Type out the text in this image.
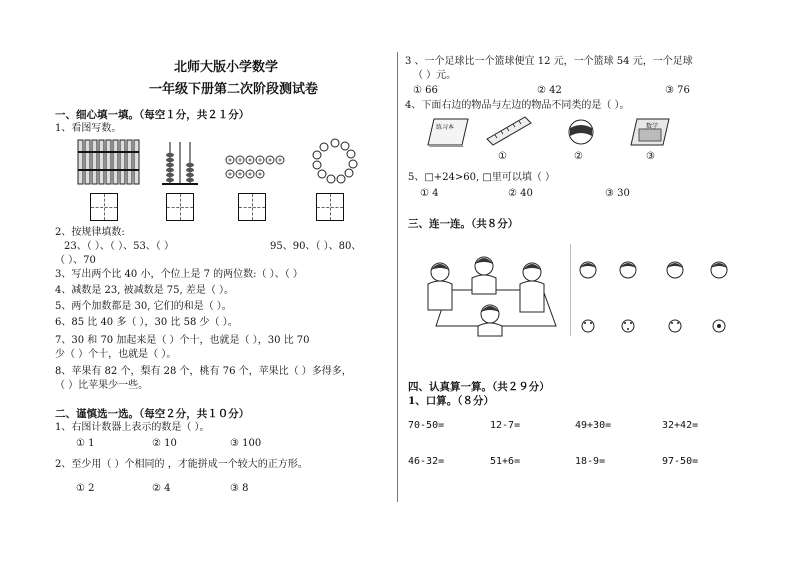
北师大版小学数学
一年级下册第二次阶段测试卷
一、细心填一填。（每空１分，共２１分）
1、看图写数。
2、按规律填数:
23、（ ）、（ ）、53、（ ）	95、90、（ ）、80、
（ ）、70
3、写出两个比 40 小，个位上是 7 的两位数:（ ）、（ ）
4、减数是 23, 被减数是 75, 差是（ ）。
5、两个加数都是 30, 它们的和是（ ）。
6、85 比 40 多（ ），30 比 58 少（ ）。
7、30 和 70 加起来是（ ）个十，也就是（ ），30 比 70
少（ ）个十，也就是（ ）。
8、苹果有 82 个，梨有 28 个，桃有 76 个，苹果比（ ）多得多，
（ ）比苹果少一些。
二、谨慎选一选。（每空２分，共１０分）
1、右图计数器上表示的数是（ ）。
① 1	② 10	③ 100
2、至少用（ ）个相同的 ，才能拼成一个较大的正方形。
① 2	② 4	③ 8
3 、一个足球比一个篮球便宜 12 元，一个篮球 54 元，一个足球
（ ）元。
① 66	② 42	③ 76
4、下面右边的物品与左边的物品不同类的是（ ）。
练习本	数学
①	②	③
5、□+24>60, □里可以填（ ）
① 4	② 40	③ 30
三、连一连。（共８分）
四、认真算一算。（共２９分）
1、口算。（８分）
70-50=	12-7=	49+30=	32+42=
46-32=	51+6=	18-9=	97-50=
